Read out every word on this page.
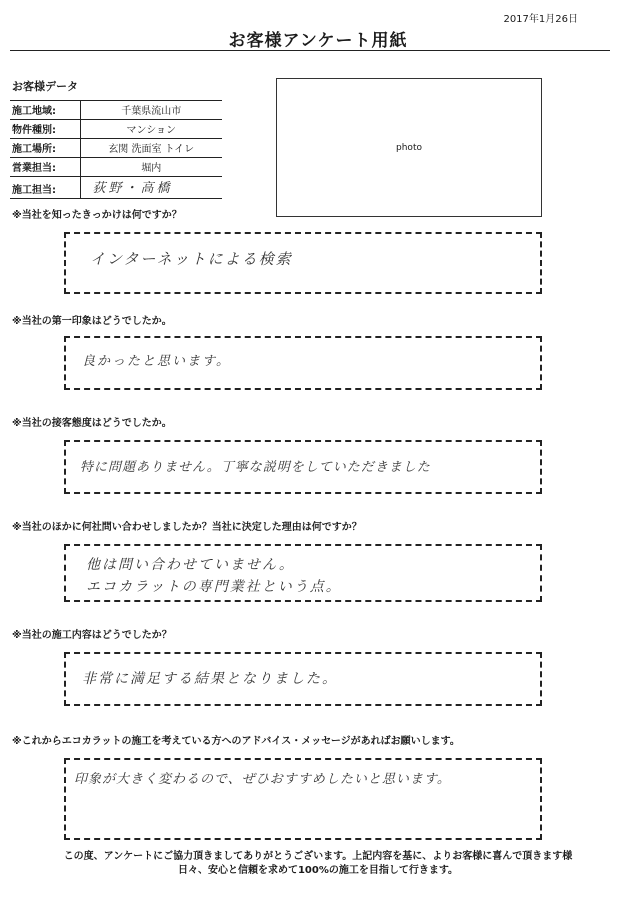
2017年1月26日
お客様アンケート用紙
お客様データ
施工地域:	千葉県流山市
物件種別:	マンション
施工場所:	玄関 洗面室 トイレ
営業担当:	堀内
施工担当:	荻野・高橋
photo
※当社を知ったきっかけは何ですか？
インターネットによる検索
※当社の第一印象はどうでしたか。
良かったと思います。
※当社の接客態度はどうでしたか。
特に問題ありません。丁寧な説明をしていただきました
※当社のほかに何社問い合わせしましたか？当社に決定した理由は何ですか？
他は問い合わせていません。
エコカラットの専門業社という点。
※当社の施工内容はどうでしたか？
非常に満足する結果となりました。
※これからエコカラットの施工を考えている方へのアドバイス・メッセージがあればお願いします。
印象が大きく変わるので、ぜひおすすめしたいと思います。
この度、アンケートにご協力頂きましてありがとうございます。上記内容を基に、よりお客様に喜んで頂きます様
日々、安心と信頼を求めて100%の施工を目指して行きます。
